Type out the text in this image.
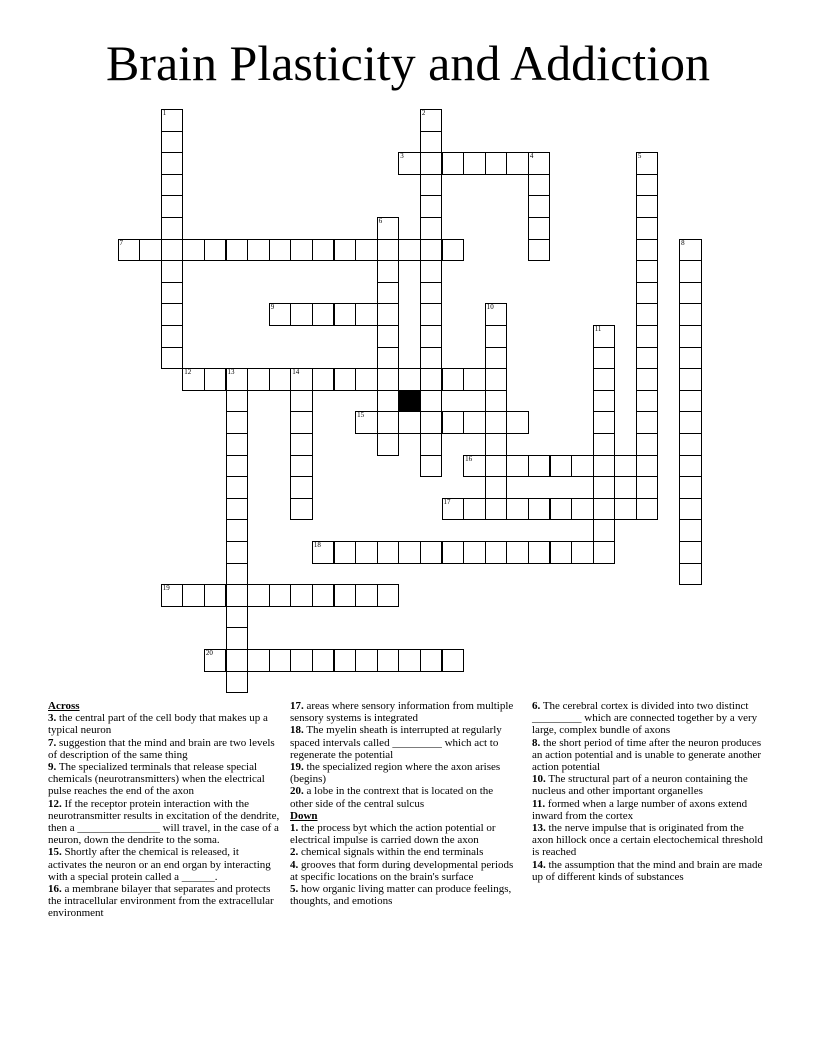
Brain Plasticity and Addiction
1	2
3	4	5
6
7	8
9	10
11
12	13	14
15
16
17
18
19
20
Across
3. the central part of the cell body that makes up a typical neuron
7. suggestion that the mind and brain are two levels of description of the same thing
9. The specialized terminals that release special chemicals (neurotransmitters) when the electrical pulse reaches the end of the axon
12. If the receptor protein interaction with the neurotransmitter results in excitation of the dendrite, then a _______________ will travel, in the case of a neuron, down the dendrite to the soma.
15. Shortly after the chemical is released, it activates the neuron or an end organ by interacting with a special protein called a ______.
16. a membrane bilayer that separates and protects the intracellular environment from the extracellular environment
17. areas where sensory information from multiple sensory systems is integrated
18. The myelin sheath is interrupted at regularly spaced intervals called _________ which act to regenerate the potential
19. the specialized region where the axon arises (begins)
20. a lobe in the contrext that is located on the other side of the central sulcus
Down
1. the process byt which the action potential or electrical impulse is carried down the axon
2. chemical signals within the end terminals
4. grooves that form during developmental periods at specific locations on the brain's surface
5. how organic living matter can produce feelings, thoughts, and emotions
6. The cerebral cortex is divided into two distinct _________ which are connected together by a very large, complex bundle of axons
8. the short period of time after the neuron produces an action potential and is unable to generate another action potential
10. The structural part of a neuron containing the nucleus and other important organelles
11. formed when a large number of axons extend inward from the cortex
13. the nerve impulse that is originated from the axon hillock once a certain electochemical threshold is reached
14. the assumption that the mind and brain are made up of different kinds of substances
